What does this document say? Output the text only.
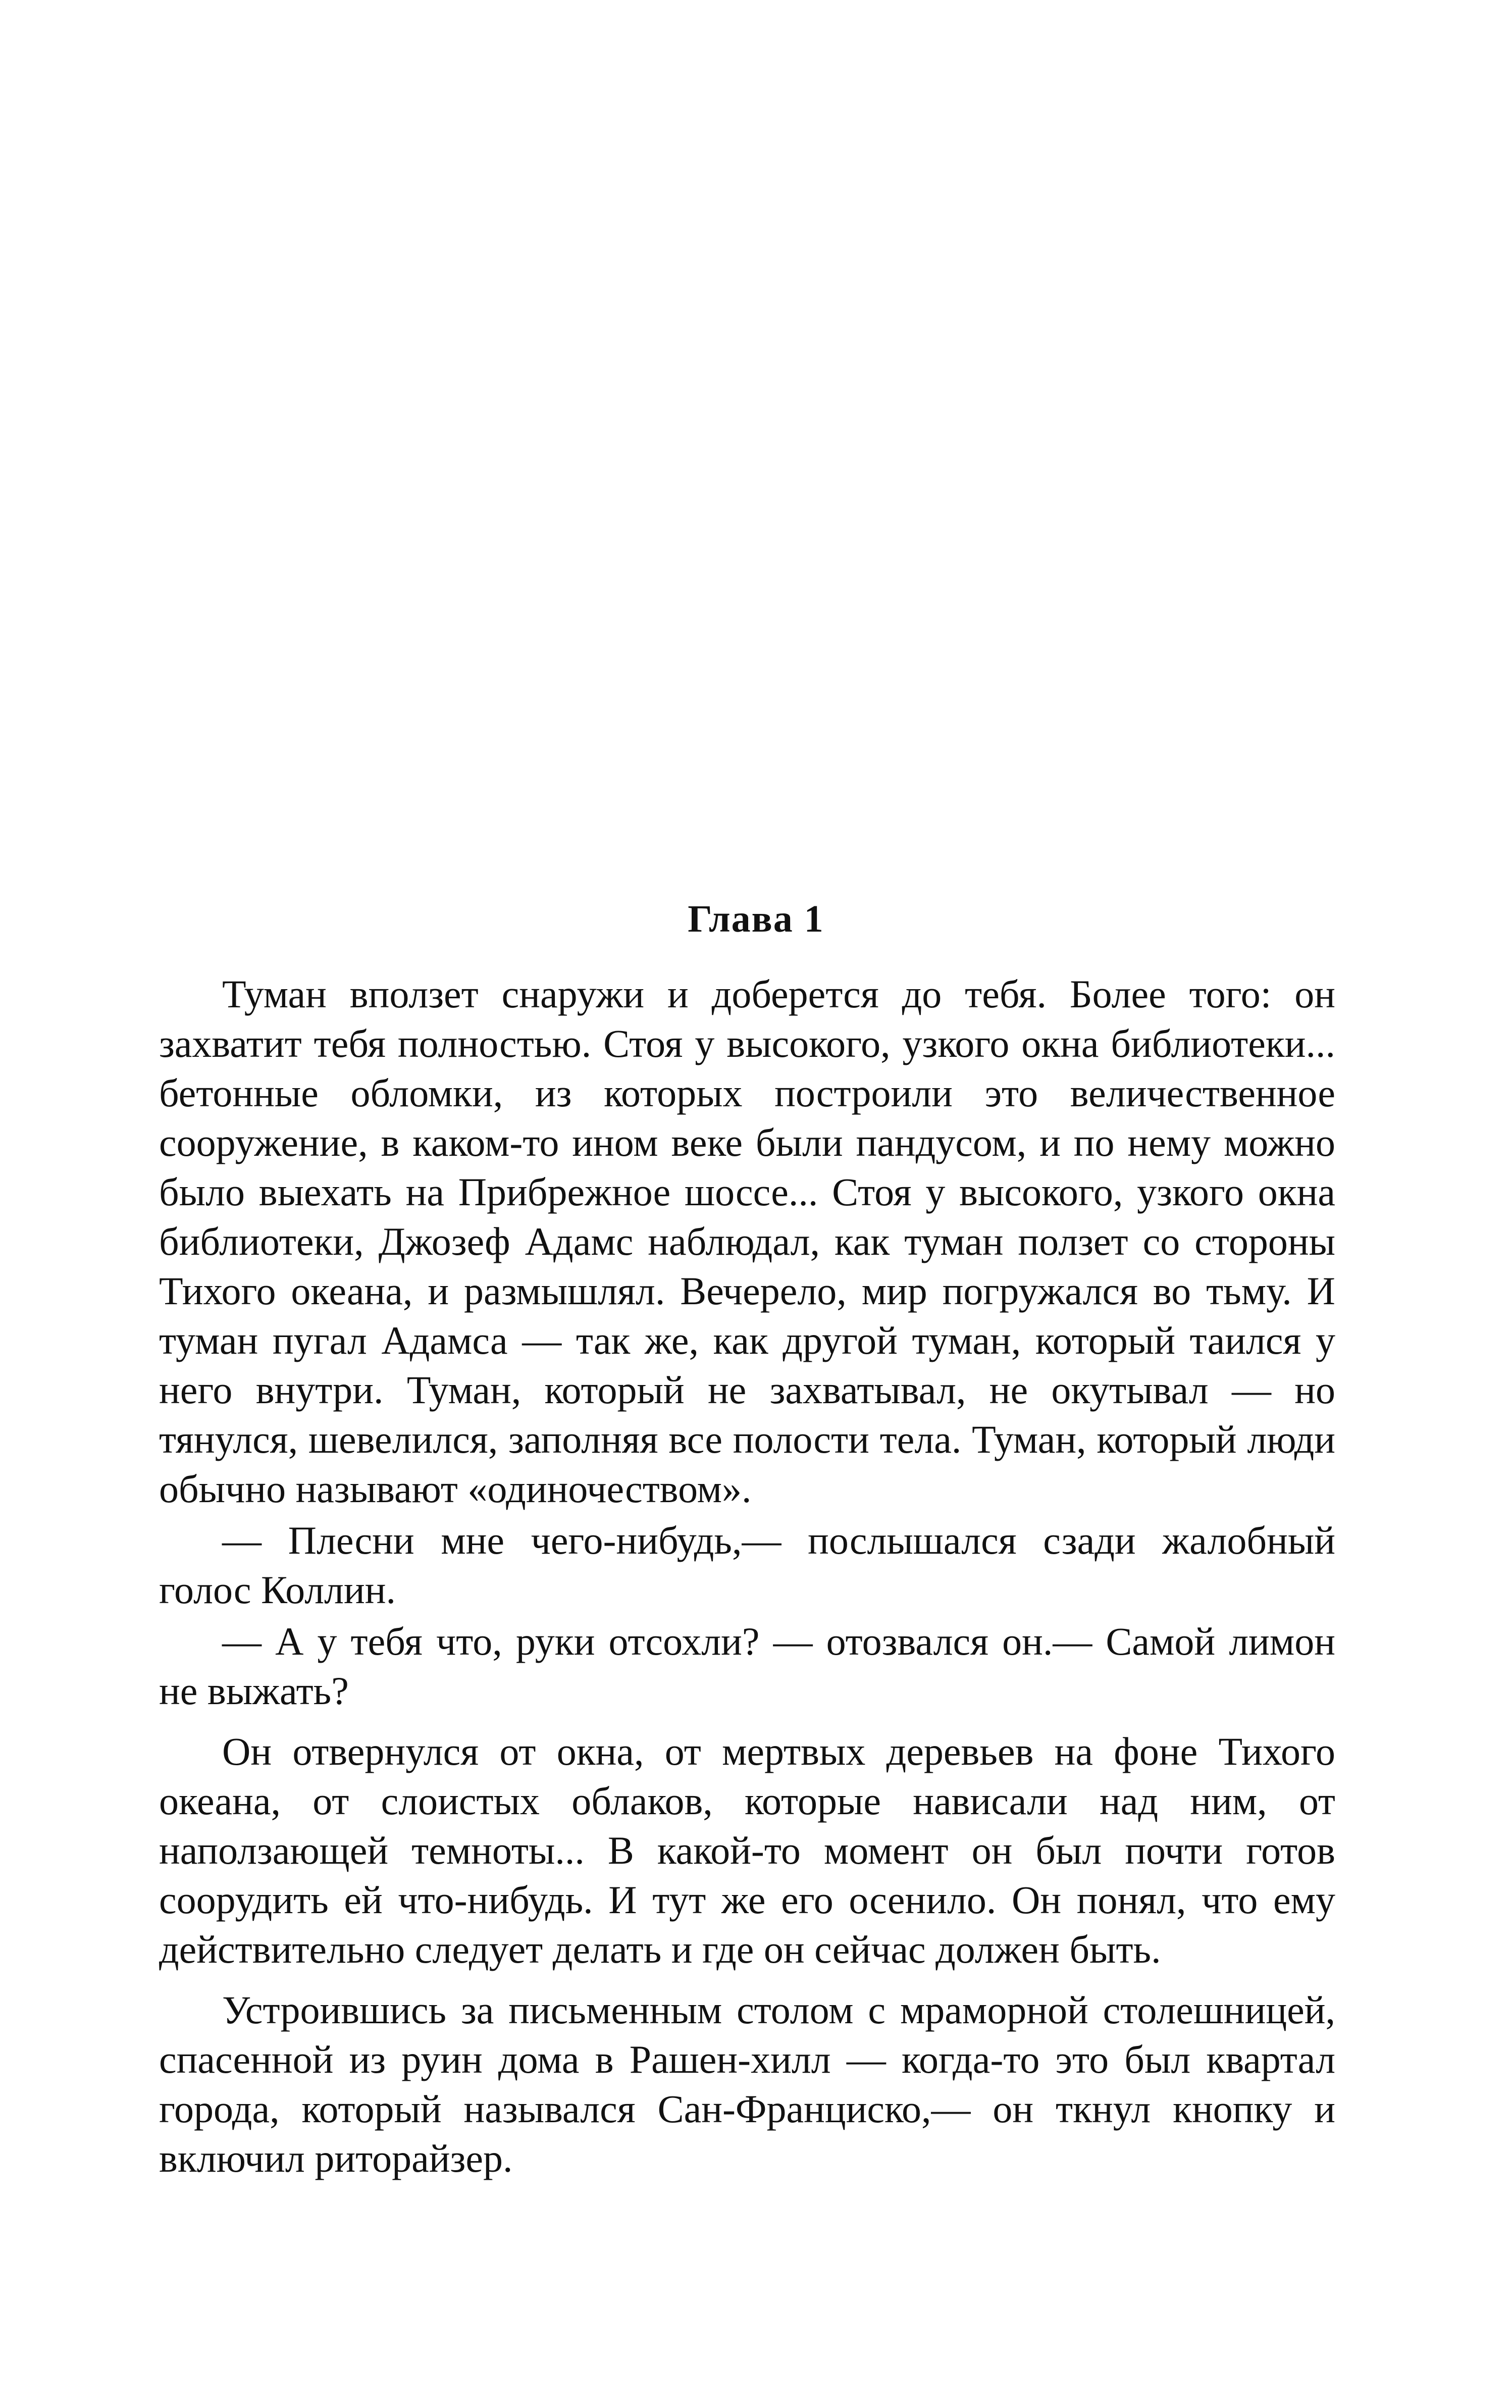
Глава 1

Туман вползет снаружи и доберется до тебя. Более того: он захватит тебя полностью. Стоя у высокого, узкого окна библиотеки... бетонные обломки, из которых построили это величественное сооружение, в каком-то ином веке были пандусом, и по нему можно было выехать на Прибрежное шоссе... Стоя у высокого, узкого окна библиотеки, Джозеф Адамс наблюдал, как туман ползет со стороны Тихого океана, и размышлял. Вечерело, мир погружался во тьму. И туман пугал Адамса — так же, как другой туман, который таился у него внутри. Туман, который не захватывал, не окутывал — но тянулся, шевелился, заполняя все полости тела. Туман, который люди обычно называют «одиночеством».

— Плесни мне чего-нибудь,— послышался сзади жалобный голос Коллин.

— А у тебя что, руки отсохли? — отозвался он.— Самой лимон не выжать?

Он отвернулся от окна, от мертвых деревьев на фоне Тихого океана, от слоистых облаков, которые нависали над ним, от наползающей темноты... В какой-то момент он был почти готов соорудить ей что-нибудь. И тут же его осенило. Он понял, что ему действительно следует делать и где он сейчас должен быть.

Устроившись за письменным столом с мраморной столешницей, спасенной из руин дома в Рашен-хилл — когда-то это был квартал города, который назывался Сан-Франциско,— он ткнул кнопку и включил риторайзер.
